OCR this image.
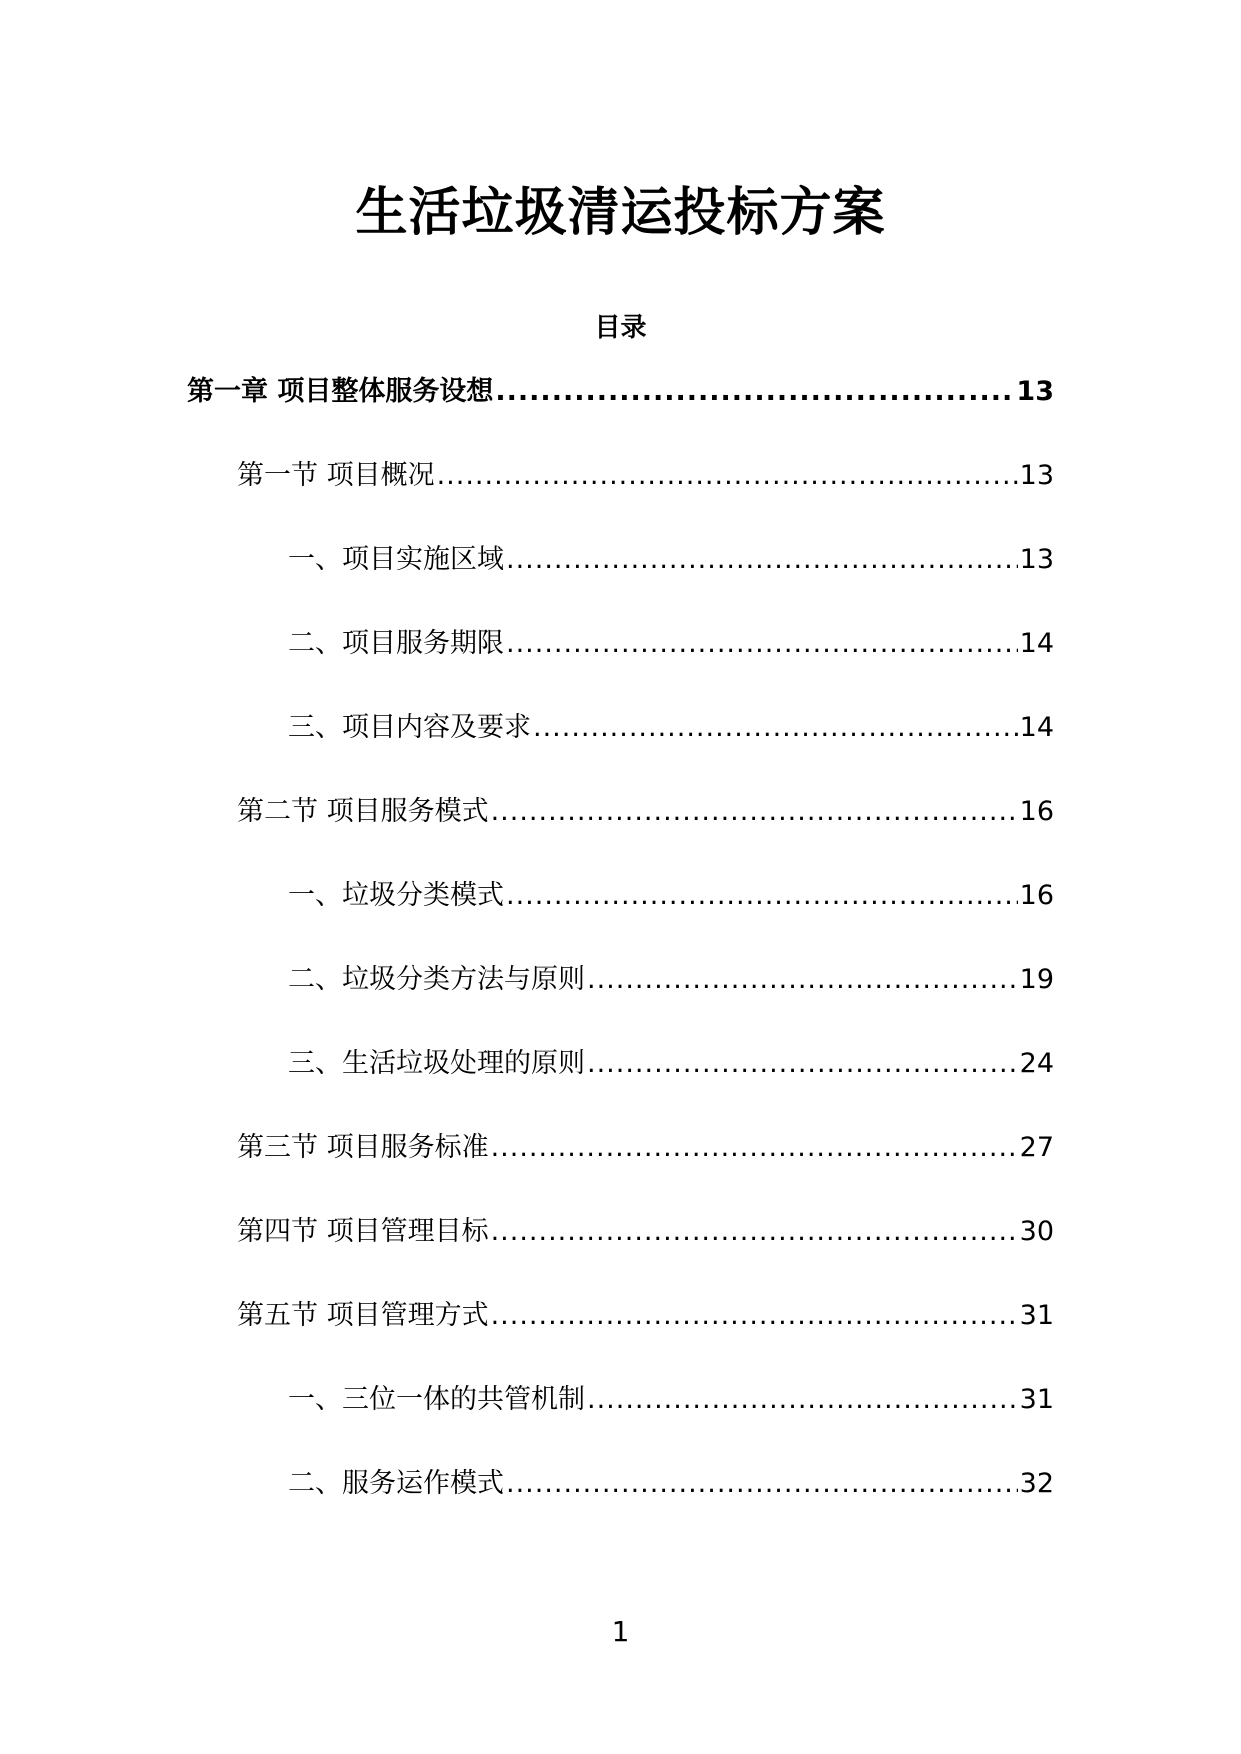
生活垃圾清运投标方案
目录
第一章 项目整体服务设想 .....	13
第一节 项目概况 .....	13
一、项目实施区域 .....	13
二、项目服务期限 .....	14
三、项目内容及要求 .....	14
第二节 项目服务模式 .....	16
一、垃圾分类模式 .....	16
二、垃圾分类方法与原则 .....	19
三、生活垃圾处理的原则 .....	24
第三节 项目服务标准 .....	27
第四节 项目管理目标 .....	30
第五节 项目管理方式 .....	31
一、三位一体的共管机制 .....	31
二、服务运作模式 .....	32
1
